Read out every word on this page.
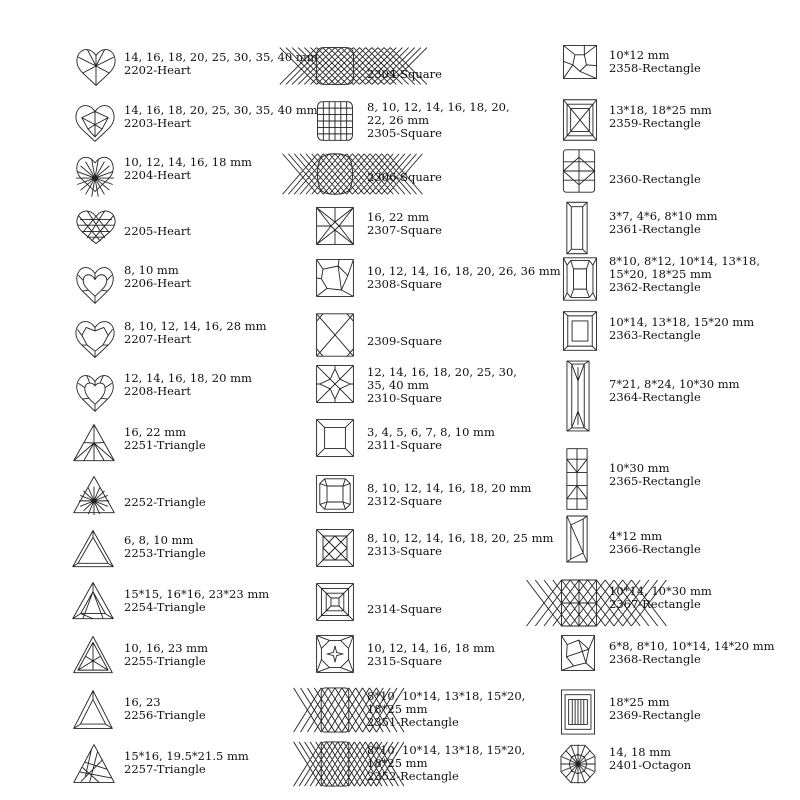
14, 16, 18, 20, 25, 30, 35, 40 mm
2202-Heart
14, 16, 18, 20, 25, 30, 35, 40 mm
2203-Heart
10, 12, 14, 16, 18 mm
2204-Heart
2205-Heart
8, 10 mm
2206-Heart
8, 10, 12, 14, 16, 28 mm
2207-Heart
12, 14, 16, 18, 20 mm
2208-Heart
16, 22 mm
2251-Triangle
2252-Triangle
6, 8, 10 mm
2253-Triangle
15*15, 16*16, 23*23 mm
2254-Triangle
10, 16, 23 mm
2255-Triangle
16, 23
2256-Triangle
15*16, 19.5*21.5 mm
2257-Triangle
2304-Square
8, 10, 12, 14, 16, 18, 20,
22, 26 mm
2305-Square
2306-Square
16, 22 mm
2307-Square
10, 12, 14, 16, 18, 20, 26, 36 mm
2308-Square
2309-Square
12, 14, 16, 18, 20, 25, 30,
35, 40 mm
2310-Square
3, 4, 5, 6, 7, 8, 10 mm
2311-Square
8, 10, 12, 14, 16, 18, 20 mm
2312-Square
8, 10, 12, 14, 16, 18, 20, 25 mm
2313-Square
2314-Square
10, 12, 14, 16, 18 mm
2315-Square
8*10, 10*14, 13*18, 15*20,
18*25 mm
2351-Rectangle
8*10, 10*14, 13*18, 15*20,
18*25 mm
2352-Rectangle
10*12 mm
2358-Rectangle
13*18, 18*25 mm
2359-Rectangle
2360-Rectangle
3*7, 4*6, 8*10 mm
2361-Rectangle
8*10, 8*12, 10*14, 13*18,
15*20, 18*25 mm
2362-Rectangle
10*14, 13*18, 15*20 mm
2363-Rectangle
7*21, 8*24, 10*30 mm
2364-Rectangle
10*30 mm
2365-Rectangle
4*12 mm
2366-Rectangle
10*14, 10*30 mm
2367-Rectangle
6*8, 8*10, 10*14, 14*20 mm
2368-Rectangle
18*25 mm
2369-Rectangle
14, 18 mm
2401-Octagon
